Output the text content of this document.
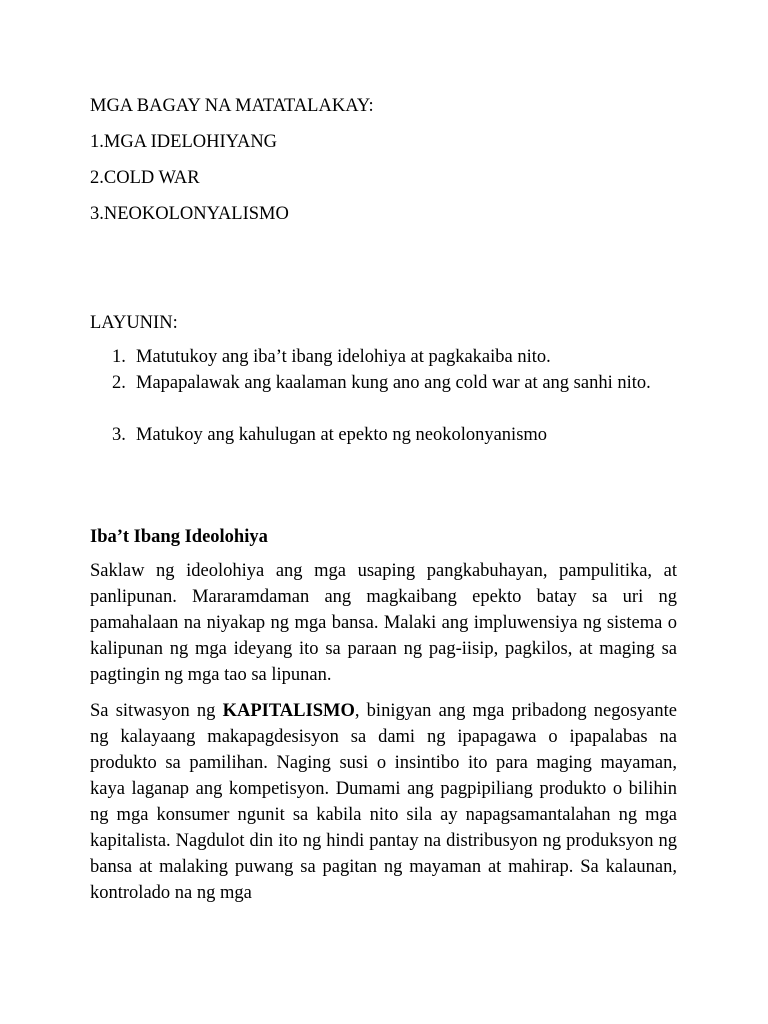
MGA BAGAY NA MATATALAKAY:
1.MGA IDELOHIYANG
2.COLD WAR
3.NEOKOLONYALISMO
LAYUNIN:
1. Matutukoy ang iba’t ibang idelohiya at pagkakaiba nito.
2. Mapapalawak ang kaalaman kung ano ang cold war at ang sanhi nito.
3. Matukoy ang kahulugan at epekto ng neokolonyanismo
Iba’t Ibang Ideolohiya
Saklaw ng ideolohiya ang mga usaping pangkabuhayan, pampulitika, at panlipunan. Mararamdaman ang magkaibang epekto batay sa uri ng pamahalaan na niyakap ng mga bansa. Malaki ang impluwensiya ng sistema o kalipunan ng mga ideyang ito sa paraan ng pag-iisip, pagkilos, at maging sa pagtingin ng mga tao sa lipunan.
Sa sitwasyon ng KAPITALISMO, binigyan ang mga pribadong negosyante ng kalayaang makapagdesisyon sa dami ng ipapagawa o ipapalabas na produkto sa pamilihan. Naging susi o insintibo ito para maging mayaman, kaya laganap ang kompetisyon. Dumami ang pagpipiliang produkto o bilihin ng mga konsumer ngunit sa kabila nito sila ay napagsamantalahan ng mga kapitalista. Nagdulot din ito ng hindi pantay na distribusyon ng produksyon ng bansa at malaking puwang sa pagitan ng mayaman at mahirap. Sa kalaunan, kontrolado na ng mga
